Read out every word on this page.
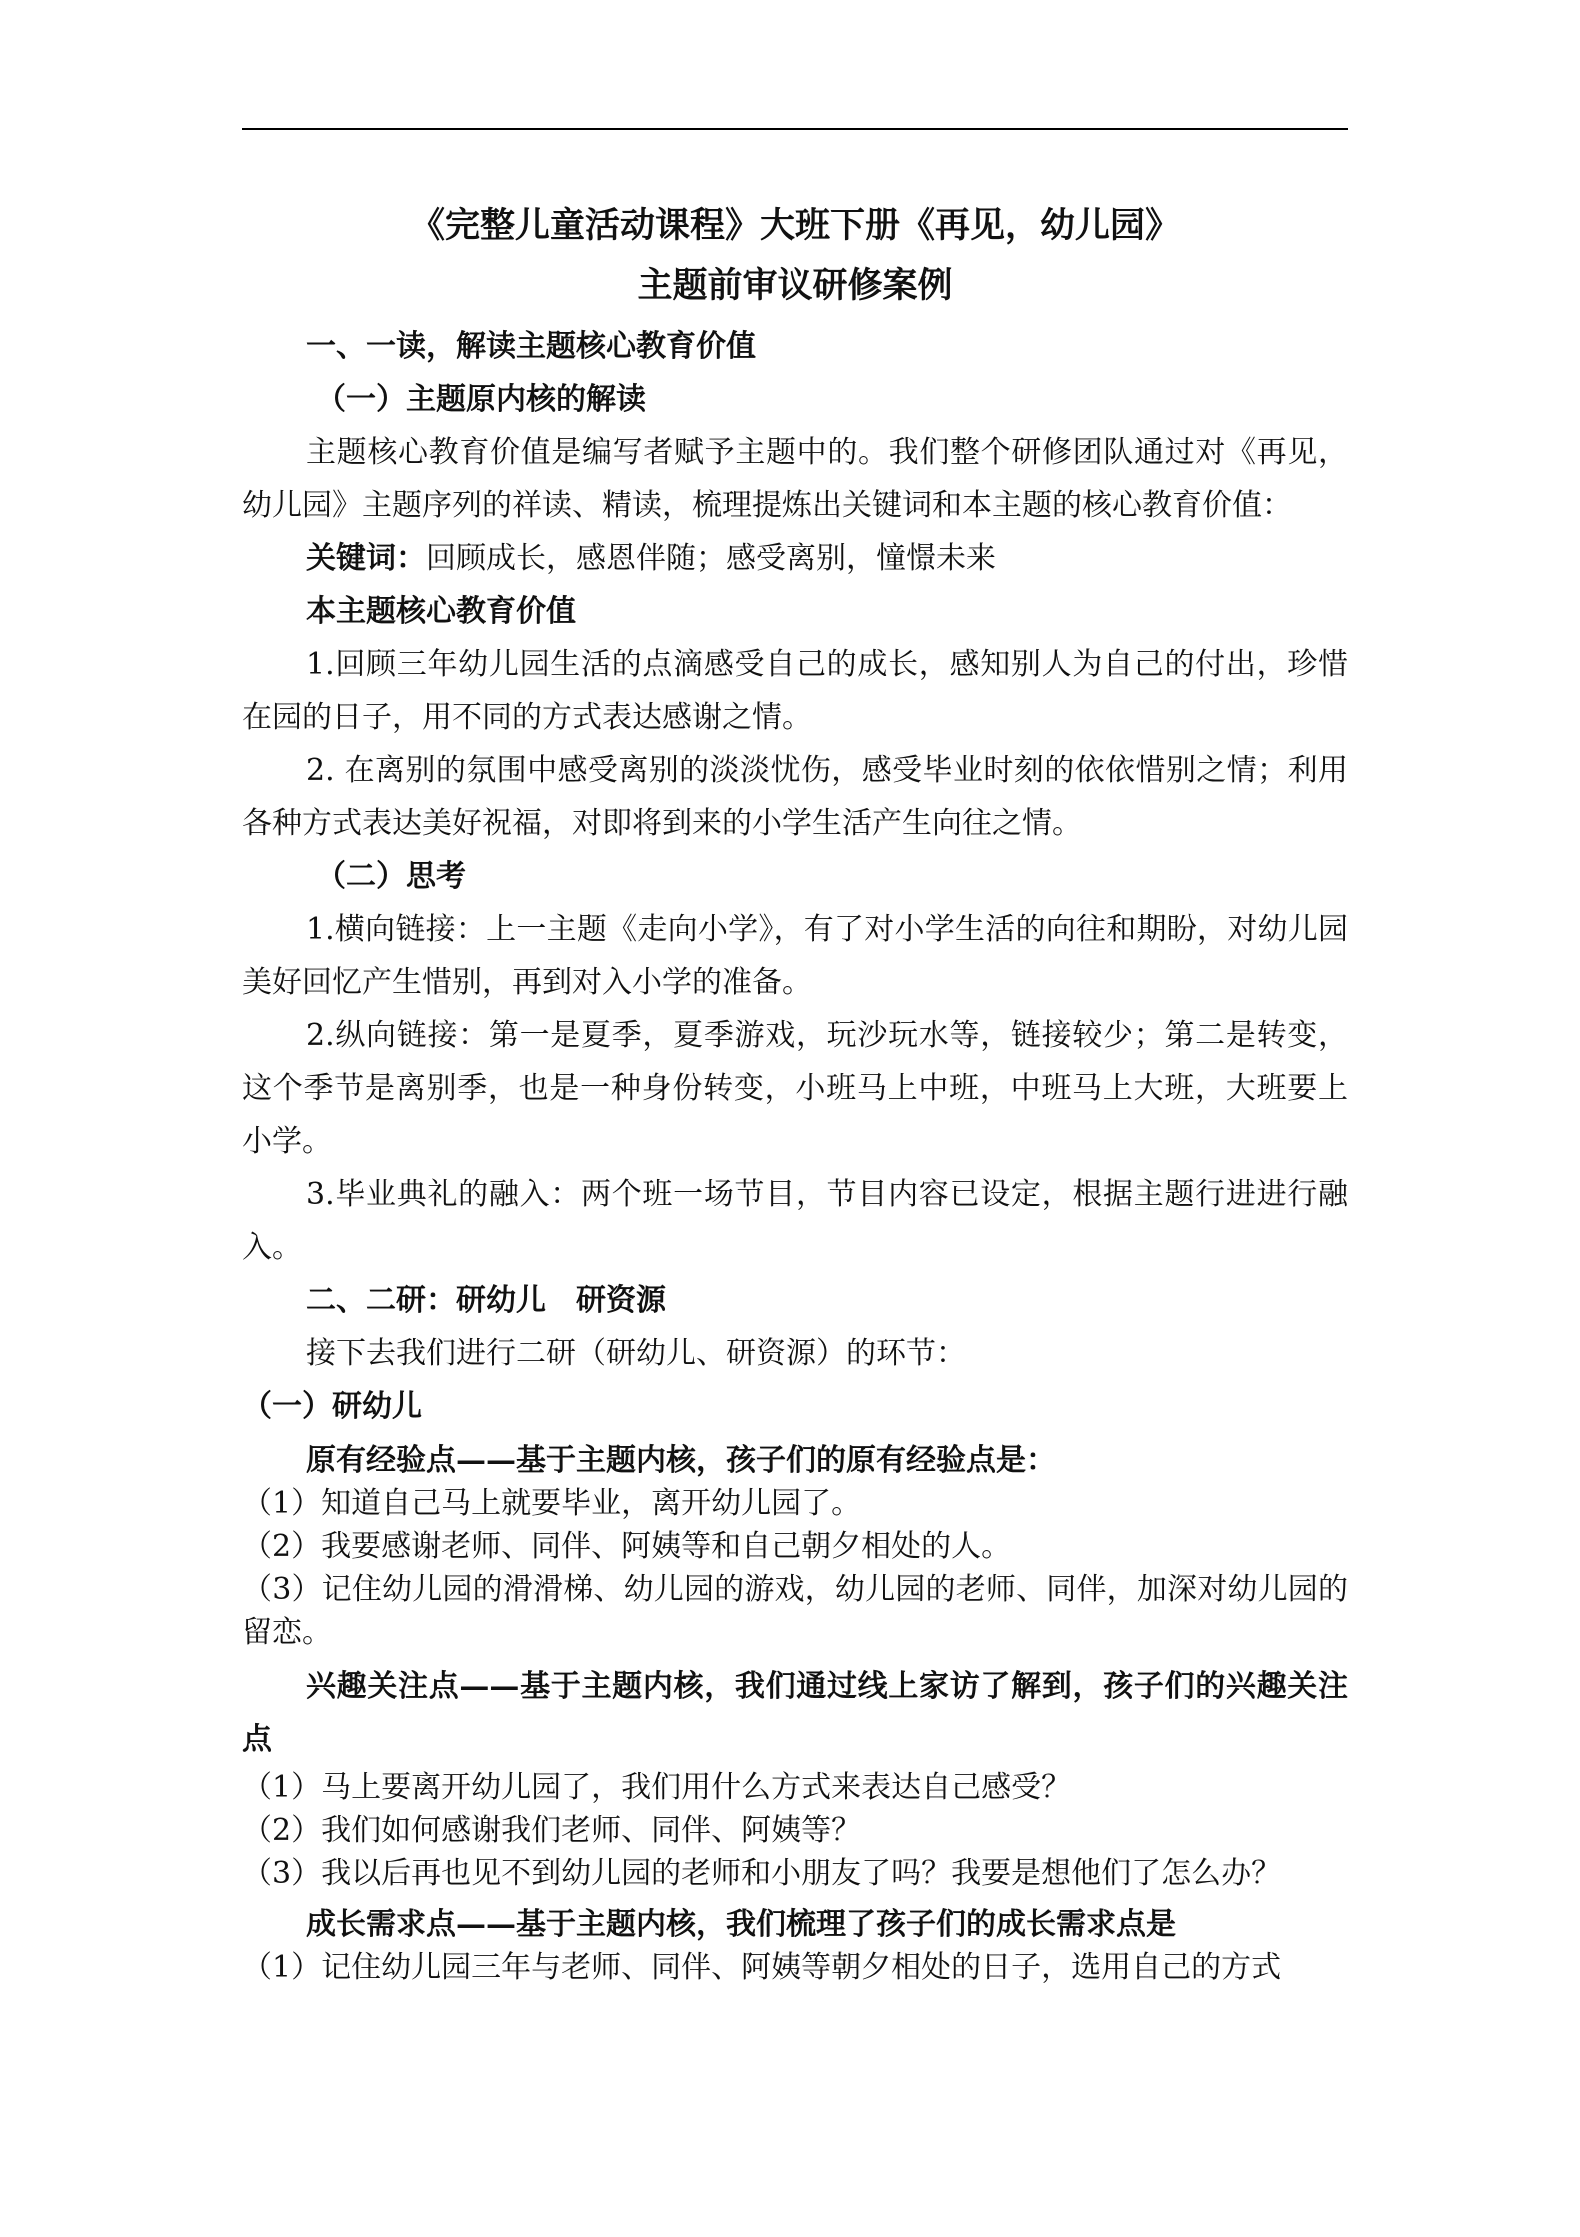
《完整儿童活动课程》大班下册《再见，幼儿园》
主题前审议研修案例

一、一读，解读主题核心教育价值

（一）主题原内核的解读

主题核心教育价值是编写者赋予主题中的。我们整个研修团队通过对《再见，幼儿园》主题序列的祥读、精读，梳理提炼出关键词和本主题的核心教育价值：

关键词：回顾成长，感恩伴随；感受离别，憧憬未来

本主题核心教育价值

1.回顾三年幼儿园生活的点滴感受自己的成长，感知别人为自己的付出，珍惜在园的日子，用不同的方式表达感谢之情。

2. 在离别的氛围中感受离别的淡淡忧伤，感受毕业时刻的依依惜别之情；利用各种方式表达美好祝福，对即将到来的小学生活产生向往之情。

（二）思考

1.横向链接：上一主题《走向小学》，有了对小学生活的向往和期盼，对幼儿园美好回忆产生惜别，再到对入小学的准备。

2.纵向链接：第一是夏季，夏季游戏，玩沙玩水等，链接较少；第二是转变，这个季节是离别季，也是一种身份转变，小班马上中班，中班马上大班，大班要上小学。

3.毕业典礼的融入：两个班一场节目，节目内容已设定，根据主题行进进行融入。

二、二研：研幼儿　研资源

接下去我们进行二研（研幼儿、研资源）的环节：

（一）研幼儿

原有经验点——基于主题内核，孩子们的原有经验点是：

（1）知道自己马上就要毕业，离开幼儿园了。

（2）我要感谢老师、同伴、阿姨等和自己朝夕相处的人。

（3）记住幼儿园的滑滑梯、幼儿园的游戏，幼儿园的老师、同伴，加深对幼儿园的留恋。

兴趣关注点——基于主题内核，我们通过线上家访了解到，孩子们的兴趣关注点

（1）马上要离开幼儿园了，我们用什么方式来表达自己感受？

（2）我们如何感谢我们老师、同伴、阿姨等？

（3）我以后再也见不到幼儿园的老师和小朋友了吗？我要是想他们了怎么办？

成长需求点——基于主题内核，我们梳理了孩子们的成长需求点是

（1）记住幼儿园三年与老师、同伴、阿姨等朝夕相处的日子，选用自己的方式
